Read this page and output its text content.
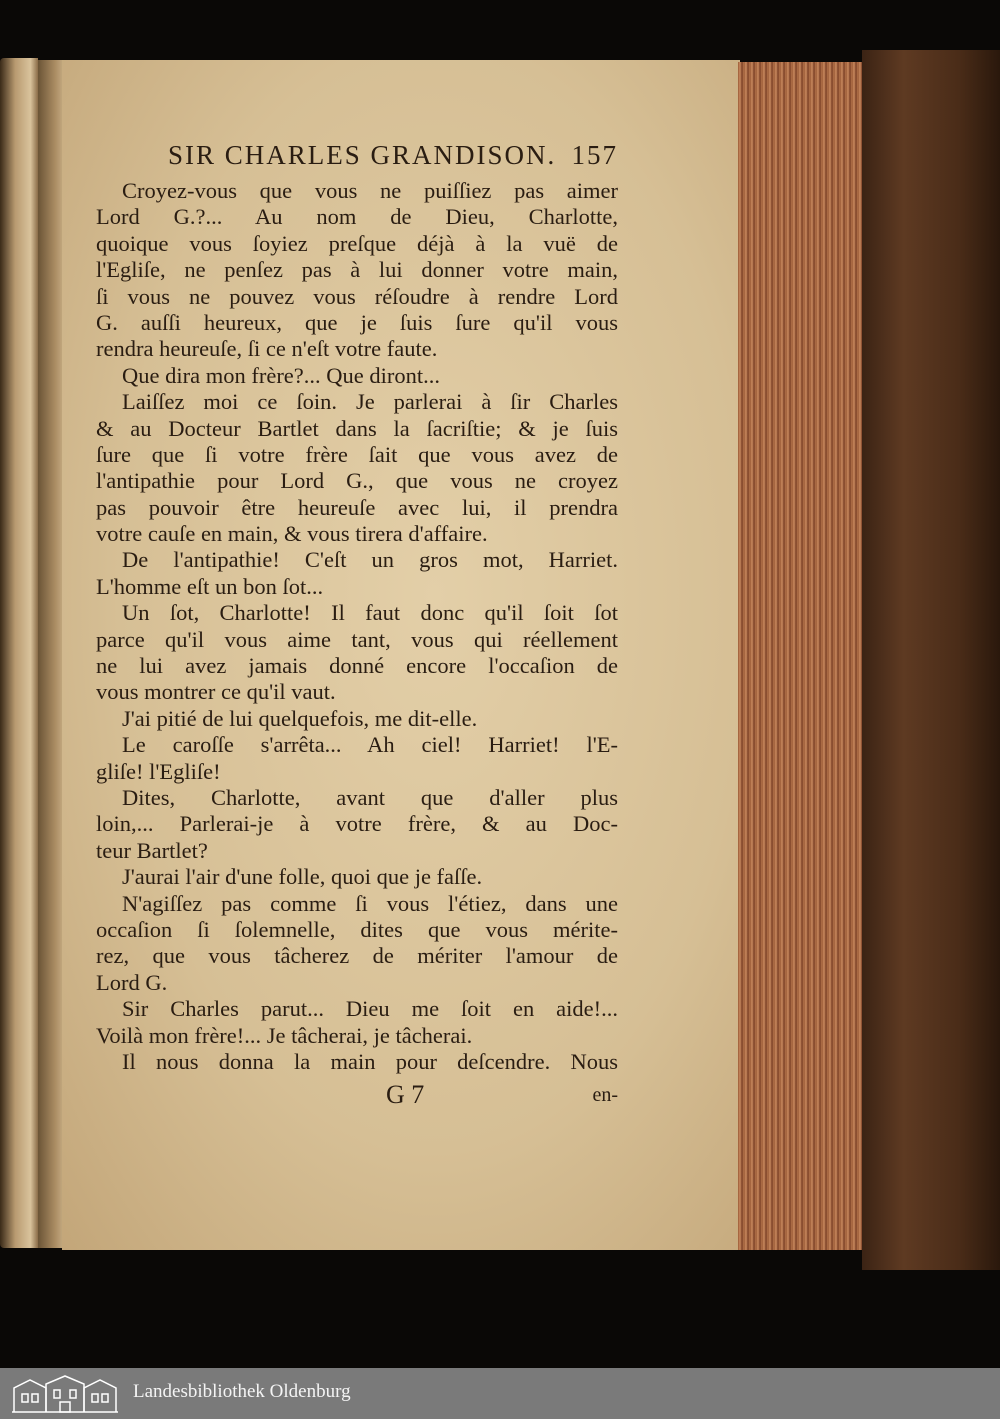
SIR CHARLES GRANDISON. 157
Croyez-vous que vous ne puiſſiez pas aimer
Lord G.?... Au nom de Dieu, Charlotte,
quoique vous ſoyiez preſque déjà à la vuë de
l'Egliſe, ne penſez pas à lui donner votre main,
ſi vous ne pouvez vous réſoudre à rendre Lord
G. auſſi heureux, que je ſuis ſure qu'il vous
rendra heureuſe, ſi ce n'eſt votre faute.
Que dira mon frère?... Que diront...
Laiſſez moi ce ſoin. Je parlerai à ſir Charles
& au Docteur Bartlet dans la ſacriſtie; & je ſuis
ſure que ſi votre frère ſait que vous avez de
l'antipathie pour Lord G., que vous ne croyez
pas pouvoir être heureuſe avec lui, il prendra
votre cauſe en main, & vous tirera d'affaire.
De l'antipathie! C'eſt un gros mot, Harriet.
L'homme eſt un bon ſot...
Un ſot, Charlotte! Il faut donc qu'il ſoit ſot
parce qu'il vous aime tant, vous qui réellement
ne lui avez jamais donné encore l'occaſion de
vous montrer ce qu'il vaut.
J'ai pitié de lui quelquefois, me dit-elle.
Le caroſſe s'arrêta... Ah ciel! Harriet! l'E-
gliſe! l'Egliſe!
Dites, Charlotte, avant que d'aller plus
loin,... Parlerai-je à votre frère, & au Doc-
teur Bartlet?
J'aurai l'air d'une folle, quoi que je faſſe.
N'agiſſez pas comme ſi vous l'étiez, dans une
occaſion ſi ſolemnelle, dites que vous mérite-
rez, que vous tâcherez de mériter l'amour de
Lord G.
Sir Charles parut... Dieu me ſoit en aide!...
Voilà mon frère!... Je tâcherai, je tâcherai.
Il nous donna la main pour deſcendre. Nous
G 7	en-
Landesbibliothek Oldenburg
